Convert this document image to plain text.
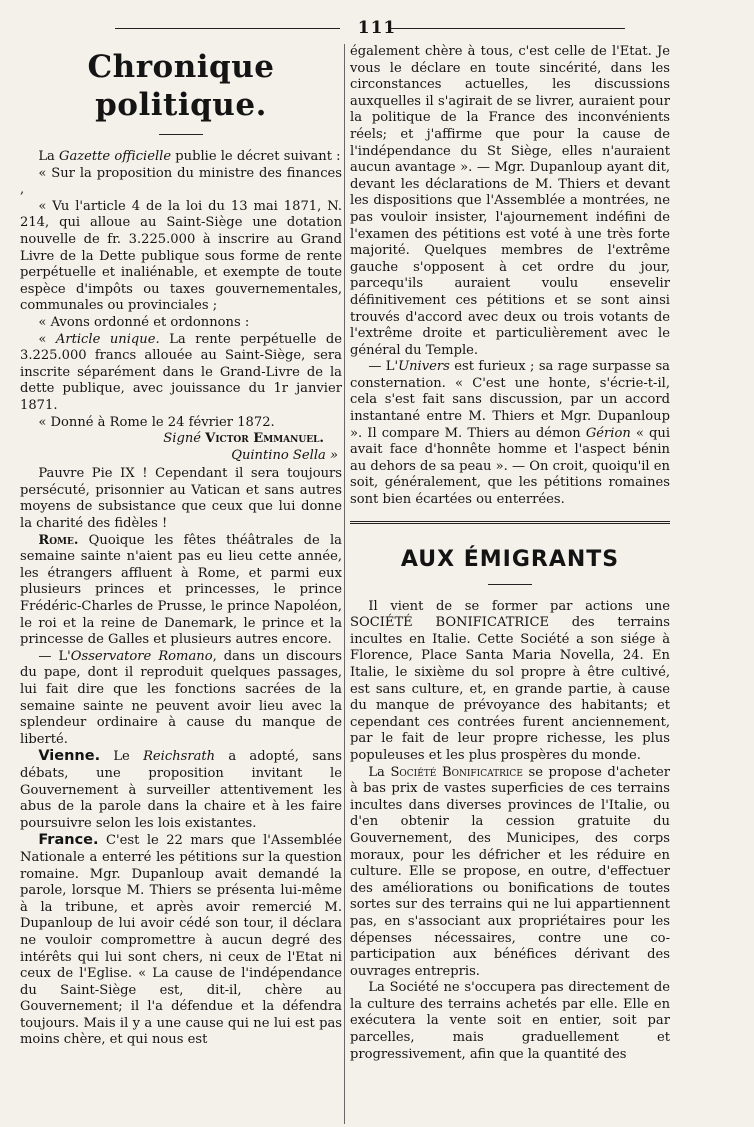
111
Chronique politique.

La Gazette officielle publie le décret suivant :

« Sur la proposition du ministre des finances ,

« Vu l'article 4 de la loi du 13 mai 1871, N. 214, qui alloue au Saint-Siège une dotation nouvelle de fr. 3.225.000 à inscrire au Grand Livre de la Dette publique sous forme de rente perpétuelle et inaliénable, et exempte de toute espèce d'impôts ou taxes gouvernementales, communales ou provinciales ;

« Avons ordonné et ordonnons :

« Article unique. La rente perpétuelle de 3.225.000 francs allouée au Saint-Siège, sera inscrite séparément dans le Grand-Livre de la dette publique, avec jouissance du 1r janvier 1871.

« Donné à Rome le 24 février 1872.

Signé Victor Emmanuel.

Quintino Sella »

Pauvre Pie IX ! Cependant il sera toujours persécuté, prisonnier au Vatican et sans autres moyens de subsistance que ceux que lui donne la charité des fidèles !

Rome. Quoique les fêtes théâtrales de la semaine sainte n'aient pas eu lieu cette année, les étrangers affluent à Rome, et parmi eux plusieurs princes et princesses, le prince Frédéric-Charles de Prusse, le prince Napoléon, le roi et la reine de Danemark, le prince et la princesse de Galles et plusieurs autres encore.

— L'Osservatore Romano, dans un discours du pape, dont il reproduit quelques passages, lui fait dire que les fonctions sacrées de la semaine sainte ne peuvent avoir lieu avec la splendeur ordinaire à cause du manque de liberté.

Vienne. Le Reichsrath a adopté, sans débats, une proposition invitant le Gouvernement à surveiller attentivement les abus de la parole dans la chaire et à les faire poursuivre selon les lois existantes.

France. C'est le 22 mars que l'Assemblée Nationale a enterré les pétitions sur la question romaine. Mgr. Dupanloup avait demandé la parole, lorsque M. Thiers se présenta lui-même à la tribune, et après avoir remercié M. Dupanloup de lui avoir cédé son tour, il déclara ne vouloir compromettre à aucun degré des intérêts qui lui sont chers, ni ceux de l'Etat ni ceux de l'Eglise. « La cause de l'indépendance du Saint-Siège est, dit-il, chère au Gouvernement; il l'a défendue et la défendra toujours. Mais il y a une cause qui ne lui est pas moins chère, et qui nous est

également chère à tous, c'est celle de l'Etat. Je vous le déclare en toute sincérité, dans les circonstances actuelles, les discussions auxquelles il s'agirait de se livrer, auraient pour la politique de la France des inconvénients réels; et j'affirme que pour la cause de l'indépendance du St Siège, elles n'auraient aucun avantage ». — Mgr. Dupanloup ayant dit, devant les déclarations de M. Thiers et devant les dispositions que l'Assemblée a montrées, ne pas vouloir insister, l'ajournement indéfini de l'examen des pétitions est voté à une très forte majorité. Quelques membres de l'extrême gauche s'opposent à cet ordre du jour, parcequ'ils auraient voulu ensevelir définitivement ces pétitions et se sont ainsi trouvés d'accord avec deux ou trois votants de l'extrême droite et particulièrement avec le général du Temple.

— L'Univers est furieux ; sa rage surpasse sa consternation. « C'est une honte, s'écrie-t-il, cela s'est fait sans discussion, par un accord instantané entre M. Thiers et Mgr. Dupanloup ». Il compare M. Thiers au démon Gérion « qui avait face d'honnête homme et l'aspect bénin au dehors de sa peau ». — On croit, quoiqu'il en soit, généralement, que les pétitions romaines sont bien écartées ou enterrées.

AUX ÉMIGRANTS

Il vient de se former par actions une SOCIÉTÉ BONIFICATRICE des terrains incultes en Italie. Cette Société a son siége à Florence, Place Santa Maria Novella, 24. En Italie, le sixième du sol propre à être cultivé, est sans culture, et, en grande partie, à cause du manque de prévoyance des habitants; et cependant ces contrées furent anciennement, par le fait de leur propre richesse, les plus populeuses et les plus prospères du monde.

La Société Bonificatrice se propose d'acheter à bas prix de vastes superficies de ces terrains incultes dans diverses provinces de l'Italie, ou d'en obtenir la cession gratuite du Gouvernement, des Municipes, des corps moraux, pour les défricher et les réduire en culture. Elle se propose, en outre, d'effectuer des améliorations ou bonifications de toutes sortes sur des terrains qui ne lui appartiennent pas, en s'associant aux propriétaires pour les dépenses nécessaires, contre une co-participation aux bénéfices dérivant des ouvrages entrepris.

La Société ne s'occupera pas directement de la culture des terrains achetés par elle. Elle en exécutera la vente soit en entier, soit par parcelles, mais graduellement et progressivement, afin que la quantité des
